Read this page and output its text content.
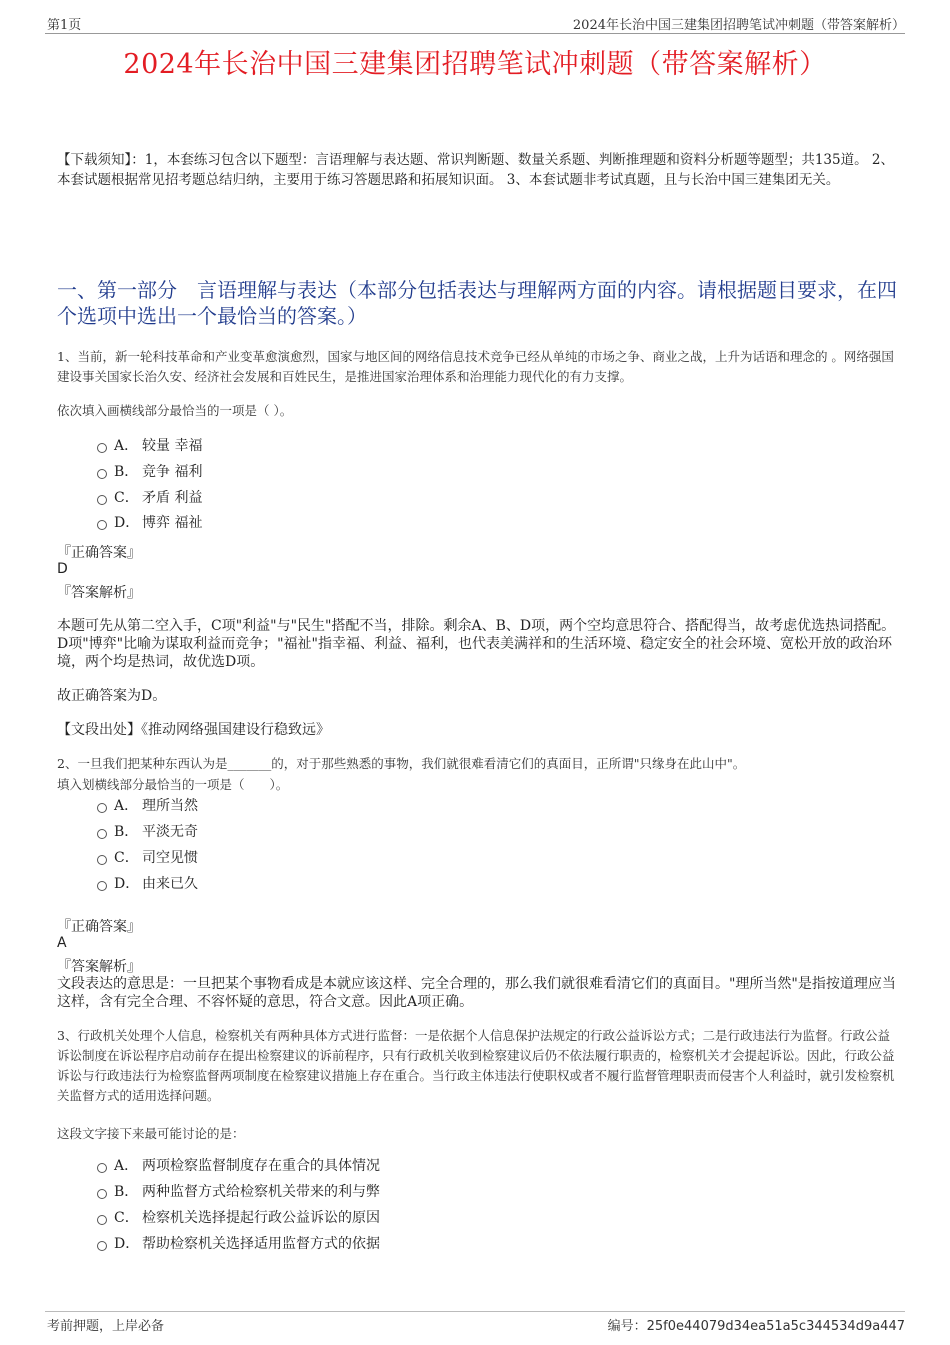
第1页	2024年长治中国三建集团招聘笔试冲刺题（带答案解析）
2024年长治中国三建集团招聘笔试冲刺题（带答案解析）
【下载须知】：1，本套练习包含以下题型：言语理解与表达题、常识判断题、数量关系题、判断推理题和资料分析题等题型；共135道。 2、本套试题根据常见招考题总结归纳，主要用于练习答题思路和拓展知识面。 3、本套试题非考试真题，且与长治中国三建集团无关。
一、第一部分　言语理解与表达（本部分包括表达与理解两方面的内容。请根据题目要求，在四个选项中选出一个最恰当的答案。）
1、当前，新一轮科技革命和产业变革愈演愈烈，国家与地区间的网络信息技术竞争已经从单纯的市场之争、商业之战，上升为话语和理念的 。网络强国建设事关国家长治久安、经济社会发展和百姓民生，是推进国家治理体系和治理能力现代化的有力支撑。
依次填入画横线部分最恰当的一项是（ ）。
A． 较量 幸福
B． 竞争 福利
C． 矛盾 利益
D． 博弈 福祉
『正确答案』
D
『答案解析』
本题可先从第二空入手，C项"利益"与"民生"搭配不当，排除。剩余A、B、D项，两个空均意思符合、搭配得当，故考虑优选热词搭配。D项"博弈"比喻为谋取利益而竞争；"福祉"指幸福、利益、福利，也代表美满祥和的生活环境、稳定安全的社会环境、宽松开放的政治环境，两个均是热词，故优选D项。
故正确答案为D。
【文段出处】《推动网络强国建设行稳致远》
2、一旦我们把某种东西认为是_______的，对于那些熟悉的事物，我们就很难看清它们的真面目，正所谓"只缘身在此山中"。
填入划横线部分最恰当的一项是（　　）。
A． 理所当然
B． 平淡无奇
C． 司空见惯
D． 由来已久
『正确答案』
A
『答案解析』
文段表达的意思是：一旦把某个事物看成是本就应该这样、完全合理的，那么我们就很难看清它们的真面目。"理所当然"是指按道理应当这样，含有完全合理、不容怀疑的意思，符合文意。因此A项正确。
3、行政机关处理个人信息，检察机关有两种具体方式进行监督：一是依据个人信息保护法规定的行政公益诉讼方式；二是行政违法行为监督。行政公益诉讼制度在诉讼程序启动前存在提出检察建议的诉前程序，只有行政机关收到检察建议后仍不依法履行职责的，检察机关才会提起诉讼。因此，行政公益诉讼与行政违法行为检察监督两项制度在检察建议措施上存在重合。当行政主体违法行使职权或者不履行监督管理职责而侵害个人利益时，就引发检察机关监督方式的适用选择问题。
这段文字接下来最可能讨论的是：
A． 两项检察监督制度存在重合的具体情况
B． 两种监督方式给检察机关带来的利与弊
C． 检察机关选择提起行政公益诉讼的原因
D． 帮助检察机关选择适用监督方式的依据
考前押题，上岸必备	编号：25f0e44079d34ea51a5c344534d9a447
